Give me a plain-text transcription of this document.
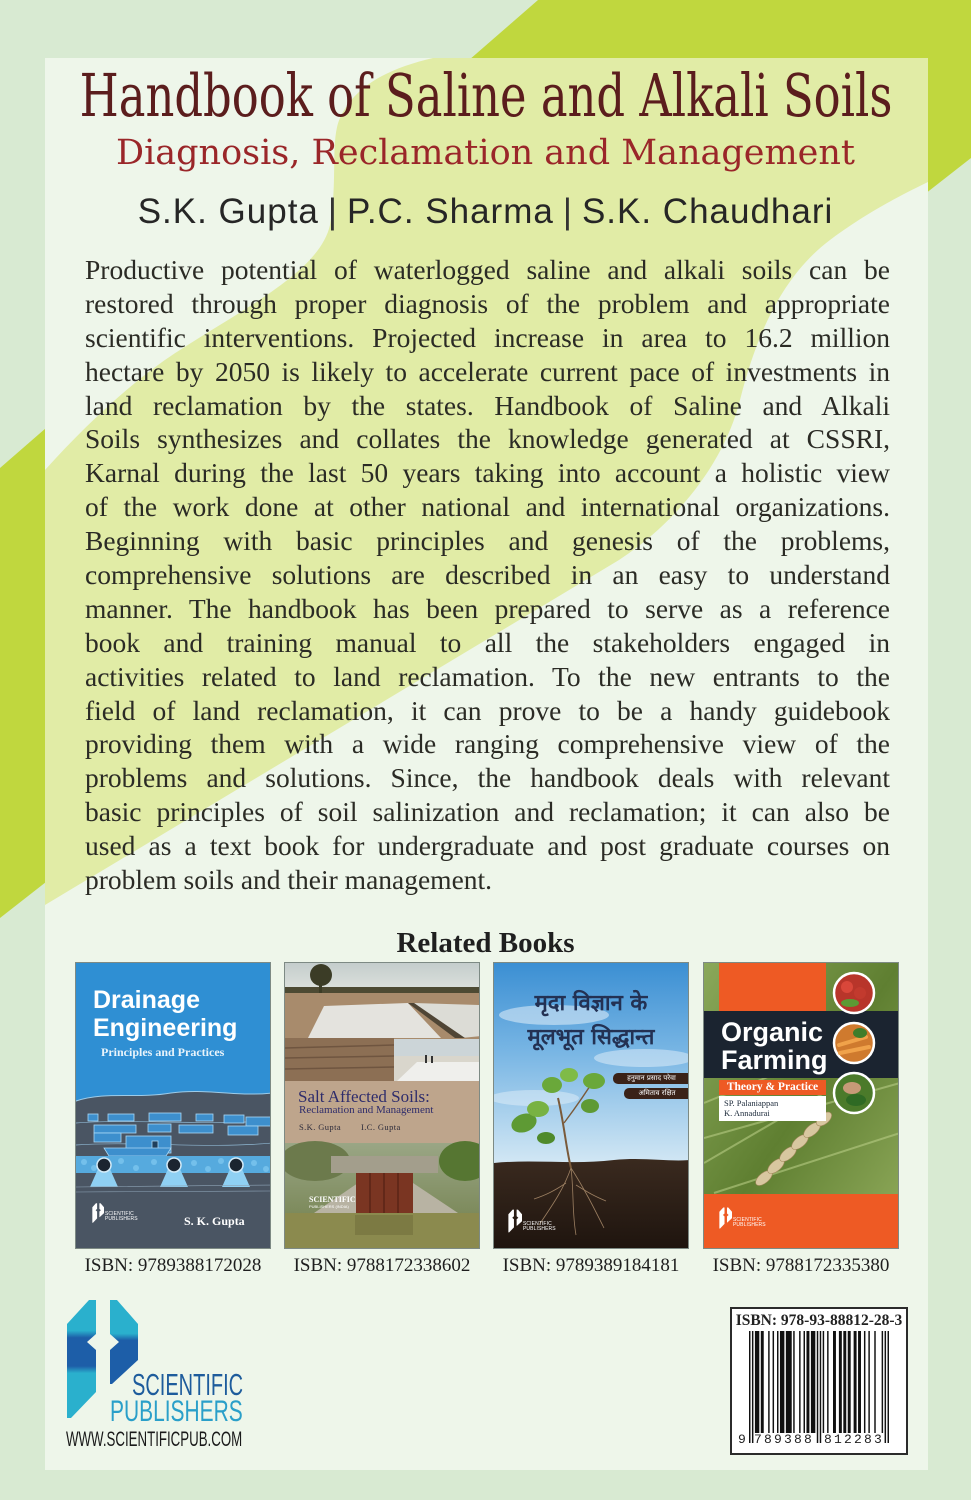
Handbook of Saline and Alkali Soils
Diagnosis, Reclamation and Management
S.K. Gupta | P.C. Sharma | S.K. Chaudhari
Productive potential of waterlogged saline and alkali soils can be
restored through proper diagnosis of the problem and appropriate
scientific interventions. Projected increase in area to 16.2 million
hectare by 2050 is likely to accelerate current pace of investments in
land reclamation by the states. Handbook of Saline and Alkali
Soils synthesizes and collates the knowledge generated at CSSRI,
Karnal during the last 50 years taking into account a holistic view
of the work done at other national and international organizations.
Beginning with basic principles and genesis of the problems,
comprehensive solutions are described in an easy to understand
manner. The handbook has been prepared to serve as a reference
book and training manual to all the stakeholders engaged in
activities related to land reclamation. To the new entrants to the
field of land reclamation, it can prove to be a handy guidebook
providing them with a wide ranging comprehensive view of the
problems and solutions. Since, the handbook deals with relevant
basic principles of soil salinization and reclamation; it can also be
used as a text book for undergraduate and post graduate courses on
problem soils and their management.
Related Books
Drainage
Engineering
Principles and Practices
S. K. Gupta
SCIENTIFIC
PUBLISHERS
Salt Affected Soils:
Reclamation and Management
S.K. Gupta I.C. Gupta
SCIENTIFIC
PUBLISHERS (INDIA)
मृदा विज्ञान के
मूलभूत सिद्धान्त
हनुमान प्रसाद परेवा
अमिताव रक्षित
SCIENTIFIC
PUBLISHERS
Organic
Farming
Theory & Practice
SP. Palaniappan
K. Annadurai
SCIENTIFIC
PUBLISHERS
ISBN: 9789388172028	ISBN: 9788172338602	ISBN: 9789389184181	ISBN: 9788172335380
SCIENTIFIC
PUBLISHERS
WWW.SCIENTIFICPUB.COM
ISBN: 978-93-88812-28-3
9 789388 812283
